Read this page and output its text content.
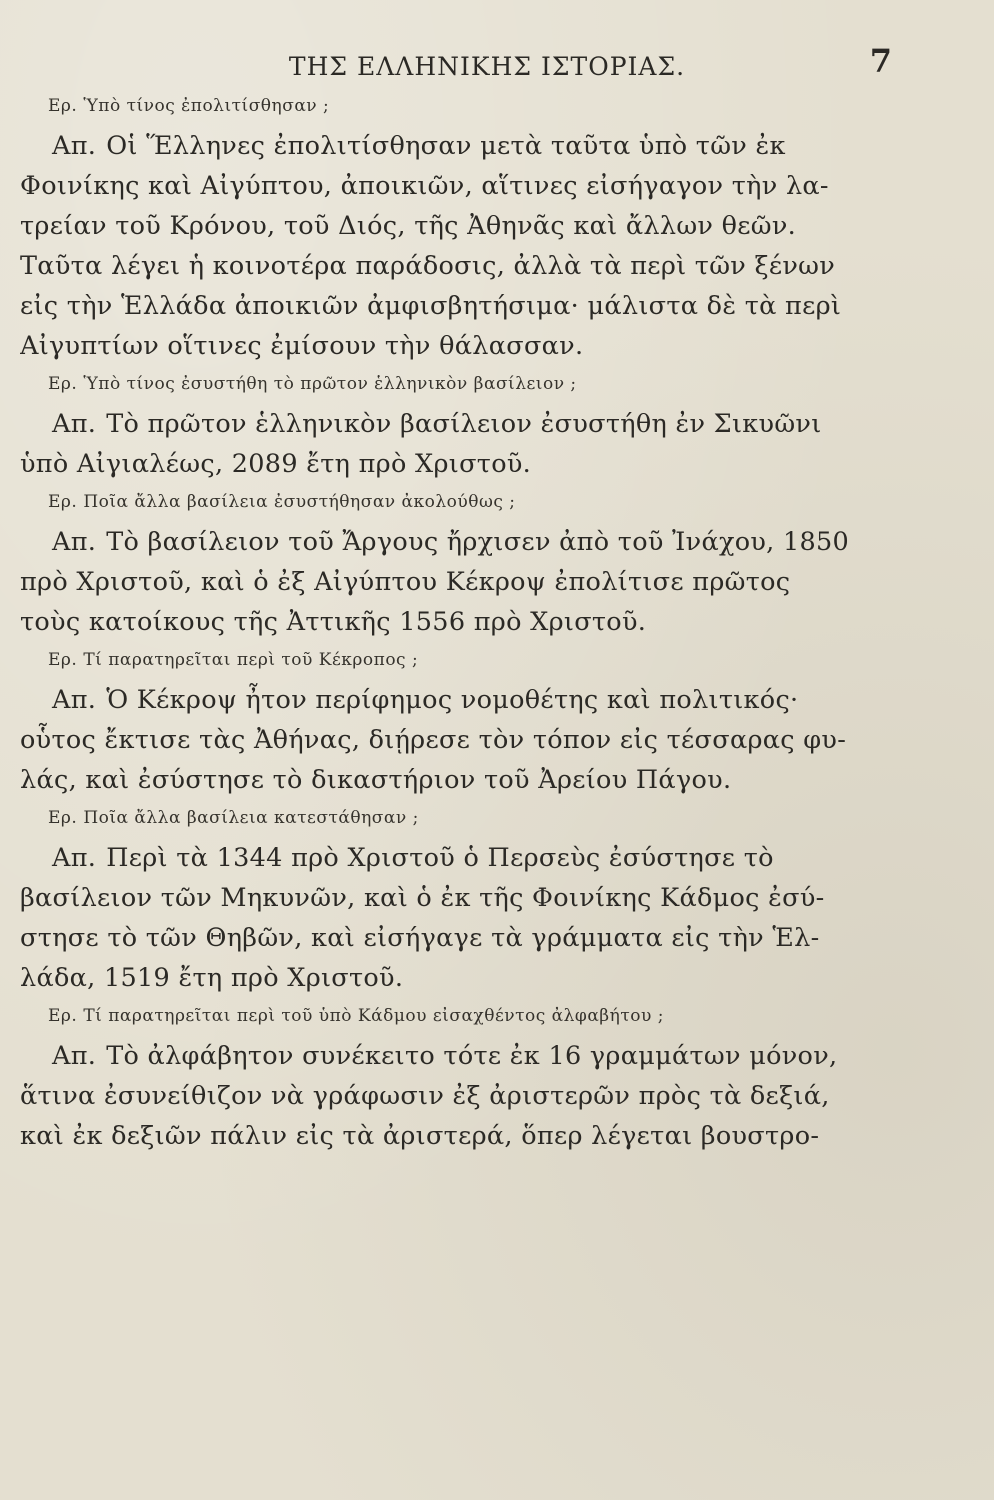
ΤΗΣ ΕΛΛΗΝΙΚΗΣ ΙΣΤΟΡΙΑΣ.	7
Ερ. Ὑπὸ τίνος ἐπολιτίσθησαν ;
Απ. Οἱ Ἕλληνες ἐπολιτίσθησαν μετὰ ταῦτα ὑπὸ τῶν ἐκ
Φοινίκης καὶ Αἰγύπτου, ἀποικιῶν, αἵτινες εἰσήγαγον τὴν λα-
τρείαν τοῦ Κρόνου, τοῦ Διός, τῆς Ἀθηνᾶς καὶ ἄλλων θεῶν.
Ταῦτα λέγει ἡ κοινοτέρα παράδοσις, ἀλλὰ τὰ περὶ τῶν ξένων
εἰς τὴν Ἑλλάδα ἀποικιῶν ἀμφισβητήσιμα· μάλιστα δὲ τὰ περὶ
Αἰγυπτίων οἵτινες ἐμίσουν τὴν θάλασσαν.
Ερ. Ὑπὸ τίνος ἐσυστήθη τὸ πρῶτον ἑλληνικὸν βασίλειον ;
Απ. Τὸ πρῶτον ἑλληνικὸν βασίλειον ἐσυστήθη ἐν Σικυῶνι
ὑπὸ Αἰγιαλέως, 2089 ἔτη πρὸ Χριστοῦ.
Ερ. Ποῖα ἄλλα βασίλεια ἐσυστήθησαν ἀκολούθως ;
Απ. Τὸ βασίλειον τοῦ Ἄργους ἤρχισεν ἀπὸ τοῦ Ἰνάχου, 1850
πρὸ Χριστοῦ, καὶ ὁ ἐξ Αἰγύπτου Κέκροψ ἐπολίτισε πρῶτος
τοὺς κατοίκους τῆς Ἀττικῆς 1556 πρὸ Χριστοῦ.
Ερ. Τί παρατηρεῖται περὶ τοῦ Κέκροπος ;
Απ. Ὁ Κέκροψ ἦτον περίφημος νομοθέτης καὶ πολιτικός·
οὗτος ἔκτισε τὰς Ἀθήνας, διῄρεσε τὸν τόπον εἰς τέσσαρας φυ-
λάς, καὶ ἐσύστησε τὸ δικαστήριον τοῦ Ἀρείου Πάγου.
Ερ. Ποῖα ἄλλα βασίλεια κατεστάθησαν ;
Απ. Περὶ τὰ 1344 πρὸ Χριστοῦ ὁ Περσεὺς ἐσύστησε τὸ
βασίλειον τῶν Μηκυνῶν, καὶ ὁ ἐκ τῆς Φοινίκης Κάδμος ἐσύ-
στησε τὸ τῶν Θηβῶν, καὶ εἰσήγαγε τὰ γράμματα εἰς τὴν Ἑλ-
λάδα, 1519 ἔτη πρὸ Χριστοῦ.
Ερ. Τί παρατηρεῖται περὶ τοῦ ὑπὸ Κάδμου εἰσαχθέντος ἀλφαβήτου ;
Απ. Τὸ ἀλφάβητον συνέκειτο τότε ἐκ 16 γραμμάτων μόνον,
ἅτινα ἐσυνείθιζον νὰ γράφωσιν ἐξ ἀριστερῶν πρὸς τὰ δεξιά,
καὶ ἐκ δεξιῶν πάλιν εἰς τὰ ἀριστερά, ὅπερ λέγεται βουστρο-
